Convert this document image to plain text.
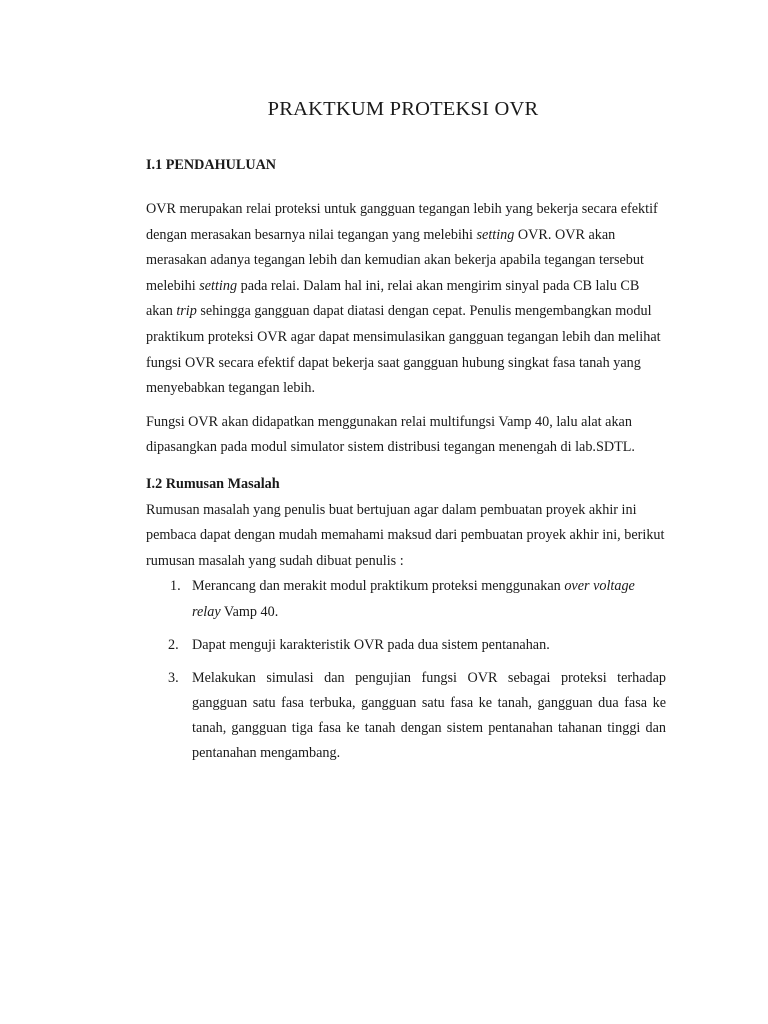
PRAKTKUM PROTEKSI OVR
I.1 PENDAHULUAN

OVR merupakan relai proteksi untuk gangguan tegangan lebih yang bekerja secara efektif dengan merasakan besarnya nilai tegangan yang melebihi setting OVR. OVR akan merasakan adanya tegangan lebih dan kemudian akan bekerja apabila tegangan tersebut melebihi setting pada relai. Dalam hal ini, relai akan mengirim sinyal pada CB lalu CB akan trip sehingga gangguan dapat diatasi dengan cepat. Penulis mengembangkan modul praktikum proteksi OVR agar dapat mensimulasikan gangguan tegangan lebih dan melihat fungsi OVR secara efektif dapat bekerja saat gangguan hubung singkat fasa tanah yang menyebabkan tegangan lebih.

Fungsi OVR akan didapatkan menggunakan relai multifungsi Vamp 40, lalu alat akan dipasangkan pada modul simulator sistem distribusi tegangan menengah di lab.SDTL.

I.2 Rumusan Masalah

Rumusan masalah yang penulis buat bertujuan agar dalam pembuatan proyek akhir ini pembaca dapat dengan mudah memahami maksud dari pembuatan proyek akhir ini, berikut rumusan masalah yang sudah dibuat penulis :

1. Merancang dan merakit modul praktikum proteksi menggunakan over voltage relay Vamp 40.
2. Dapat menguji karakteristik OVR pada dua sistem pentanahan.
3. Melakukan simulasi dan pengujian fungsi OVR sebagai proteksi terhadap gangguan satu fasa terbuka, gangguan satu fasa ke tanah, gangguan dua fasa ke tanah, gangguan tiga fasa ke tanah dengan sistem pentanahan tahanan tinggi dan pentanahan mengambang.
